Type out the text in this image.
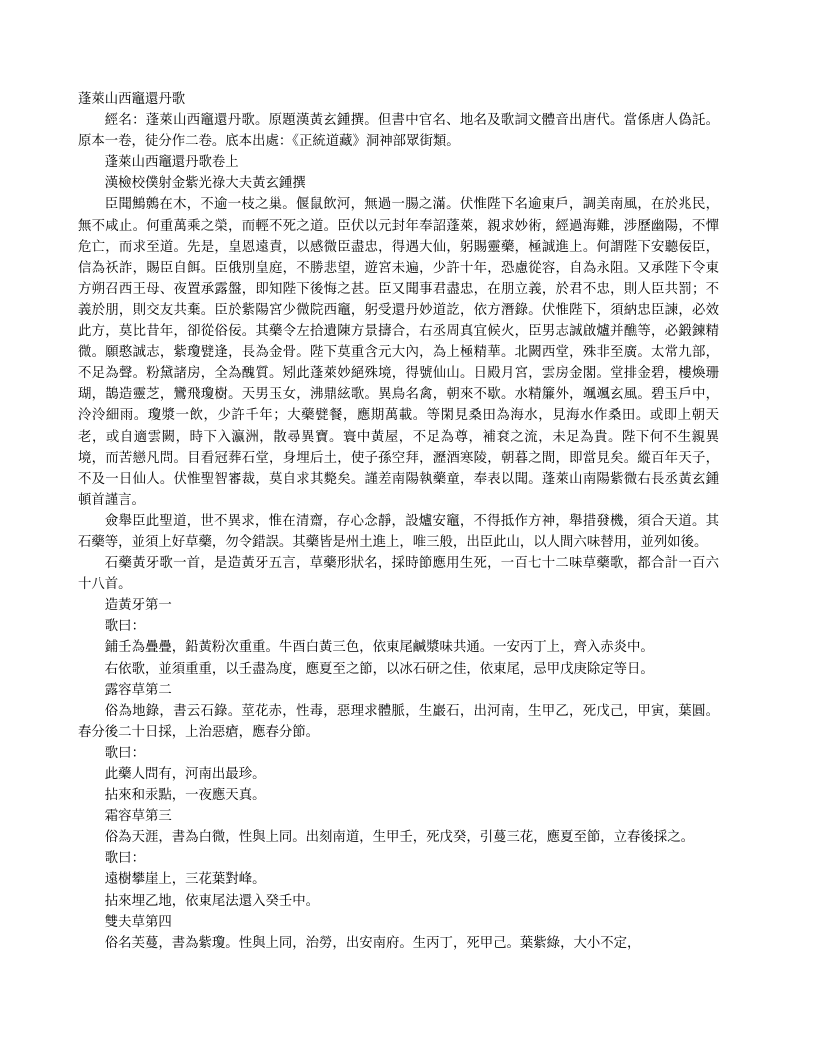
蓬萊山西竈還丹歌

經名：蓬萊山西竈還丹歌。原題漢黃玄鍾撰。但書中官名、地名及歌詞文體音出唐代。當係唐人偽託。原本一卷，徒分作二卷。底本出處：《正統道藏》洞神部眾街類。

蓬萊山西竈還丹歌卷上
漢檢校僕射金紫光祿大夫黃玄鍾撰

臣聞鷦鷯在木，不逾一枝之巢。偃鼠飲河，無過一腸之滿。伏惟陛下名逾東戶，調美南風，在於兆民，無不咸止。何重萬乘之榮，而輕不死之道。臣伏以元封年奉詔蓬萊，親求妙術，經過海難，涉歷幽陽，不憚危亡，而求至道。先是，皇恩遠責，以感微臣盡忠，得遇大仙，躬賜靈藥，極誠進上。何謂陛下安聽佞臣，信為祅詐，賜臣自餌。臣俄別皇庭，不勝悲望，遊宮未遍，少許十年，恐慮從容，自為永阻。又承陛下令東方朔召西王母、夜置承露盤，即知陛下後悔之甚。臣又聞事君盡忠，在朋立義，於君不忠，則人臣共罰；不義於朋，則交友共棄。臣於紫陽宮少微院西竈，躬受還丹妙道訖，依方潛錄。伏惟陛下，須納忠臣諫，必效此方，莫比昔年，卻從俗佞。其藥令左拾遺陳方景擣合，右丞周真宜候火，臣男志誠啟爐并醮等，必鍛鍊精微。願憨誠志，紫瓊甓逢，長為金骨。陛下莫重含元大內，為上極精華。北闕西堂，殊非至廣。太常九部，不足為聲。粉黛諸房，全為醜質。矧此蓬萊妙絕殊境，得號仙山。日殿月宮，雲房金閣。堂排金碧，樓煥珊瑚，鵲造靈芝，鸞飛瓊樹。天男玉女，沸鼎絃歌。異鳥名禽，朝來不歇。水精簾外，颯颯玄風。碧玉戶中，泠泠細雨。瓊漿一飲，少許千年；大藥甓餐，應期萬載。等閑見桑田為海水，見海水作桑田。或即上朝天老，或自適雲闕，時下入瀛洲，散尋異寶。寰中黃屋，不足為尊，補袞之流，未足為貴。陛下何不生親異境，而苦戀凡問。目看冠葬石堂，身埋后土，使子孫空拜，瀝酒寒陵，朝暮之間，即當見矣。縱百年天子，不及一日仙人。伏惟聖智審裁，莫自求其斃矣。謹差南陽執藥童，奉表以聞。蓬萊山南陽紫微右長丞黃玄鍾頓首謹言。

僉舉臣此聖道，世不異求，惟在清齋，存心念靜，設爐安竈，不得抵作方神，舉措發機，須合天道。其石藥等，並須上好草藥，勿令錯誤。其藥皆是州土進上，唯三般，出臣此山，以人間六味替用，並列如後。

石藥黃牙歌一首，是造黃牙五言，草藥形狀名，採時節應用生死，一百七十二味草藥歌，都合計一百六十八首。

造黃牙第一
歌曰：

鋪壬為疊疊，鉛黃粉次重重。牛酉白黃三色，依東尾鹹漿味共通。一安丙丁上，齊入赤炎中。

右依歌，並須重重，以壬盡為度，應夏至之節，以冰石研之佳，依東尾，忌甲戊庚除定等日。

露容草第二

俗為地錄，書云石錄。莖花赤，性毒，惡理求體脈，生巖石，出河南，生甲乙，死戊己，甲寅，葉圓。春分後二十日採，上治惡瘡，應春分節。

歌曰：
此藥人問有，河南出最珍。
拈來和汞點，一夜應天真。
霜容草第三

俗為天涯，書為白微，性與上同。出刻南道，生甲壬，死戊癸，引蔓三花，應夏至節，立春後採之。

歌曰：
遠樹攀崖上，三花葉對峰。
拈來埋乙地，依東尾法還入癸壬中。
雙夫草第四

俗名芙蔓，書為紫瓊。性與上同，治勞，出安南府。生丙丁，死甲己。葉紫綠，大小不定，
